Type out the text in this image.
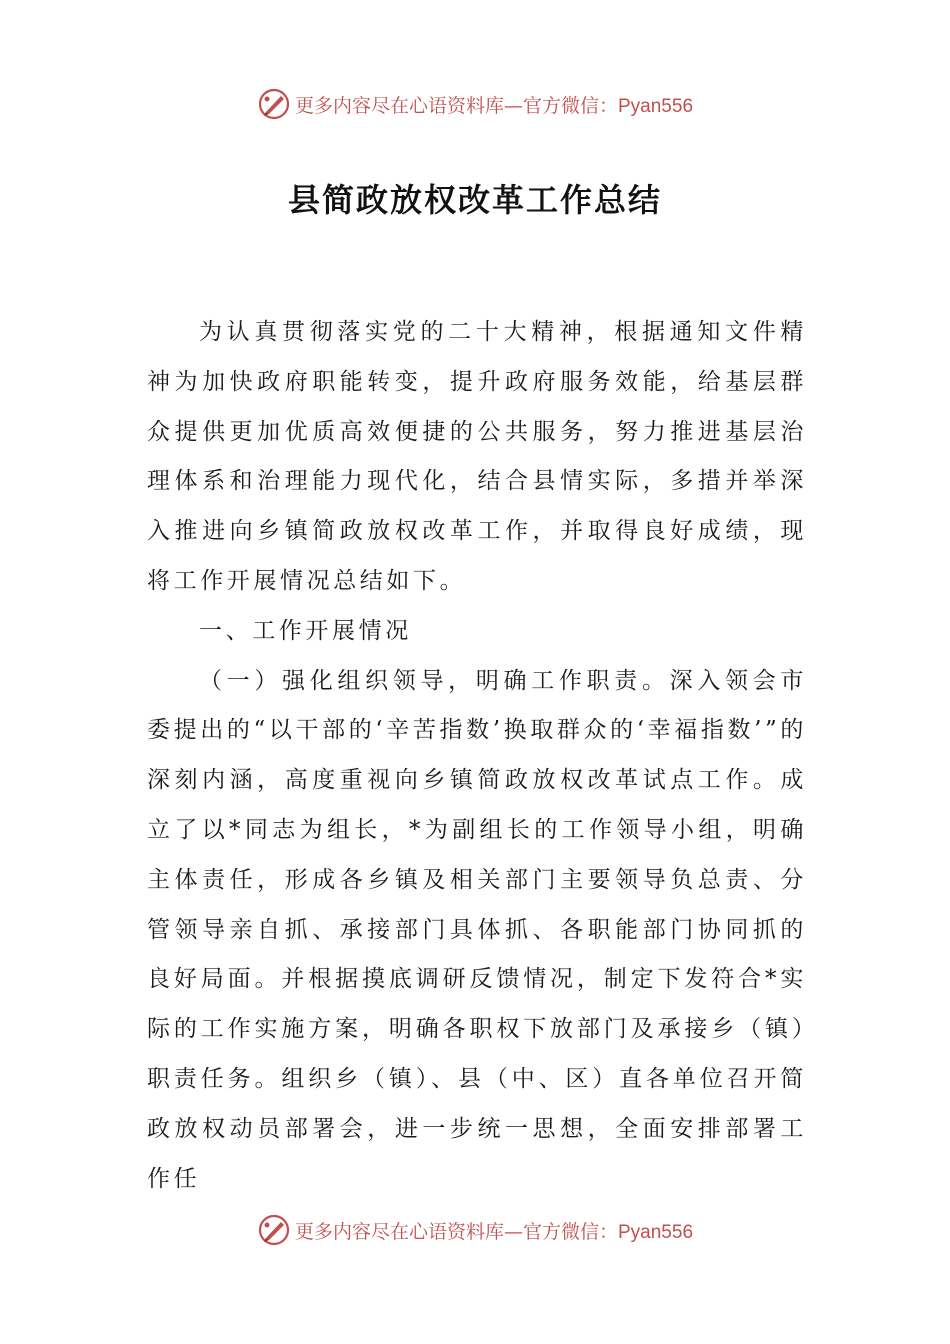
更多内容尽在心语资料库—官方微信：Pyan556
县简政放权改革工作总结

为认真贯彻落实党的二十大精神，根据通知文件精神为加快政府职能转变，提升政府服务效能，给基层群众提供更加优质高效便捷的公共服务，努力推进基层治理体系和治理能力现代化，结合县情实际，多措并举深入推进向乡镇简政放权改革工作，并取得良好成绩，现将工作开展情况总结如下。

一、工作开展情况

（一）强化组织领导，明确工作职责。深入领会市委提出的“以干部的‘辛苦指数’换取群众的‘幸福指数’”的深刻内涵，高度重视向乡镇简政放权改革试点工作。成立了以*同志为组长，*为副组长的工作领导小组，明确主体责任，形成各乡镇及相关部门主要领导负总责、分管领导亲自抓、承接部门具体抓、各职能部门协同抓的良好局面。并根据摸底调研反馈情况，制定下发符合*实际的工作实施方案，明确各职权下放部门及承接乡（镇）职责任务。组织乡（镇）、县（中、区）直各单位召开简政放权动员部署会，进一步统一思想，全面安排部署工作任

更多内容尽在心语资料库—官方微信：Pyan556
